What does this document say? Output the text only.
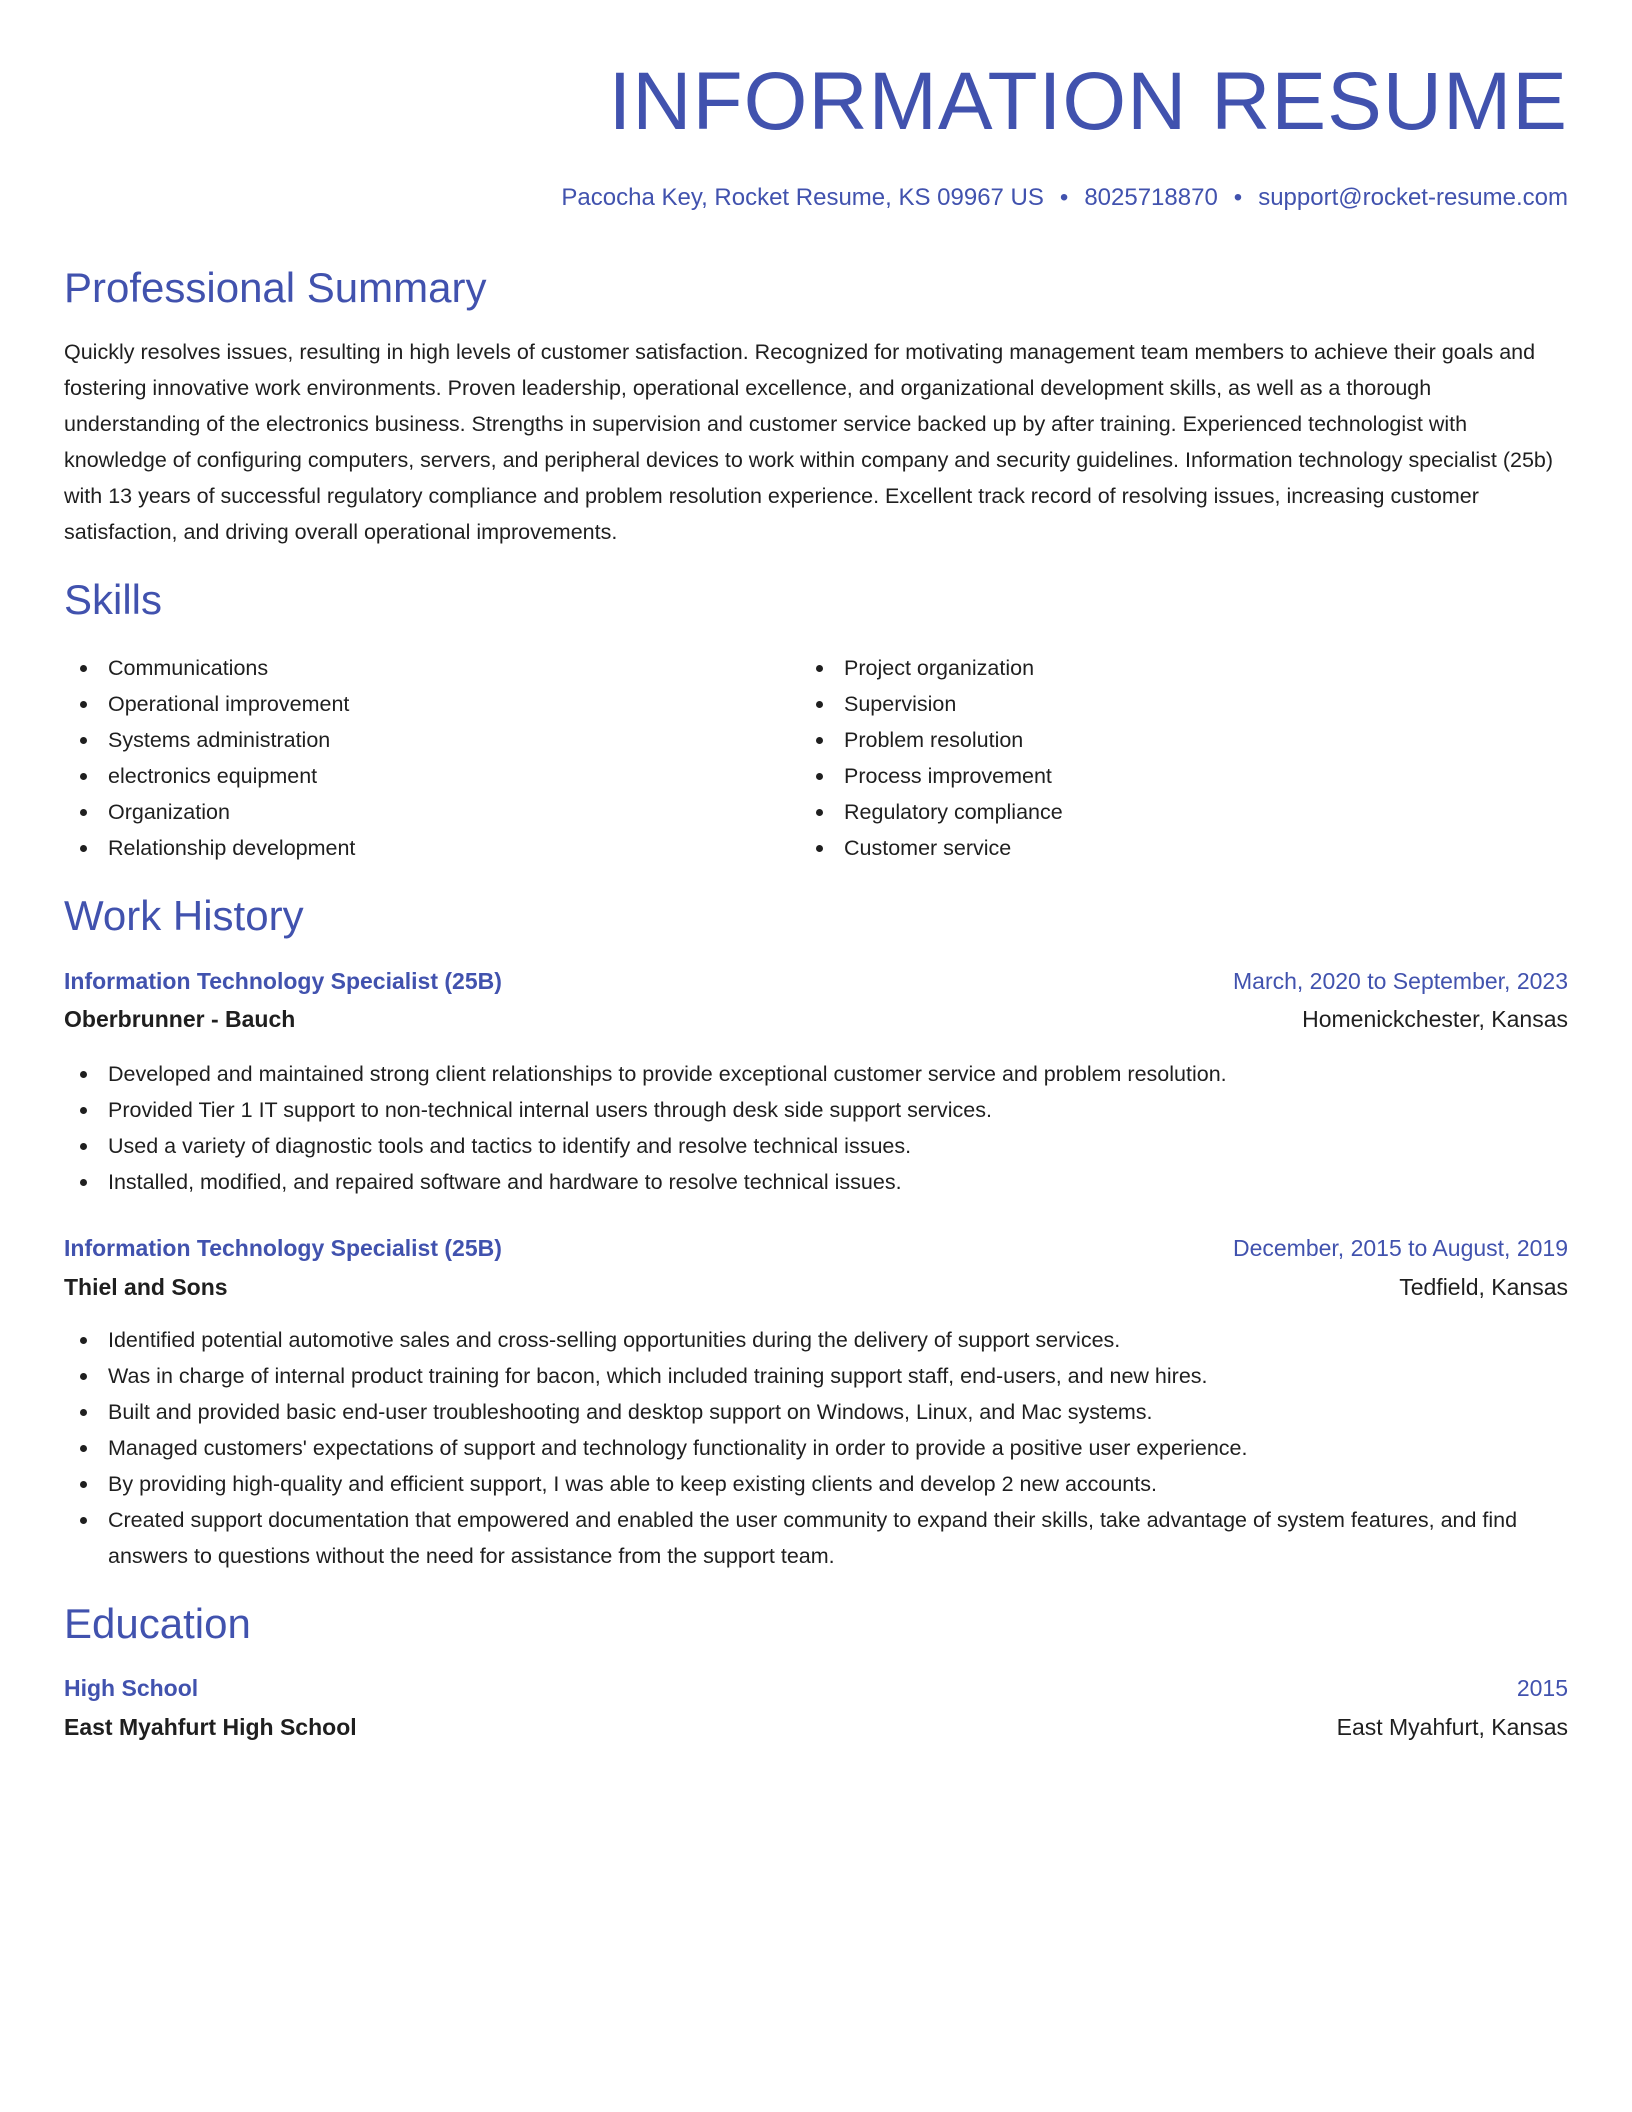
INFORMATION RESUME
Pacocha Key, Rocket Resume, KS 09967 US • 8025718870 • support@rocket-resume.com
Professional Summary

Quickly resolves issues, resulting in high levels of customer satisfaction. Recognized for motivating management team members to achieve their goals and fostering innovative work environments. Proven leadership, operational excellence, and organizational development skills, as well as a thorough understanding of the electronics business. Strengths in supervision and customer service backed up by after training. Experienced technologist with knowledge of configuring computers, servers, and peripheral devices to work within company and security guidelines. Information technology specialist (25b) with 13 years of successful regulatory compliance and problem resolution experience. Excellent track record of resolving issues, increasing customer satisfaction, and driving overall operational improvements.

Skills
Communications
Operational improvement
Systems administration
electronics equipment
Organization
Relationship development
Project organization
Supervision
Problem resolution
Process improvement
Regulatory compliance
Customer service
Work History
Information Technology Specialist (25B)	March, 2020 to September, 2023
Oberbrunner - Bauch	Homenickchester, Kansas
Developed and maintained strong client relationships to provide exceptional customer service and problem resolution.
Provided Tier 1 IT support to non-technical internal users through desk side support services.
Used a variety of diagnostic tools and tactics to identify and resolve technical issues.
Installed, modified, and repaired software and hardware to resolve technical issues.
Information Technology Specialist (25B)	December, 2015 to August, 2019
Thiel and Sons	Tedfield, Kansas
Identified potential automotive sales and cross-selling opportunities during the delivery of support services.
Was in charge of internal product training for bacon, which included training support staff, end-users, and new hires.
Built and provided basic end-user troubleshooting and desktop support on Windows, Linux, and Mac systems.
Managed customers' expectations of support and technology functionality in order to provide a positive user experience.
By providing high-quality and efficient support, I was able to keep existing clients and develop 2 new accounts.
Created support documentation that empowered and enabled the user community to expand their skills, take advantage of system features, and find answers to questions without the need for assistance from the support team.
Education
High School	2015
East Myahfurt High School	East Myahfurt, Kansas
